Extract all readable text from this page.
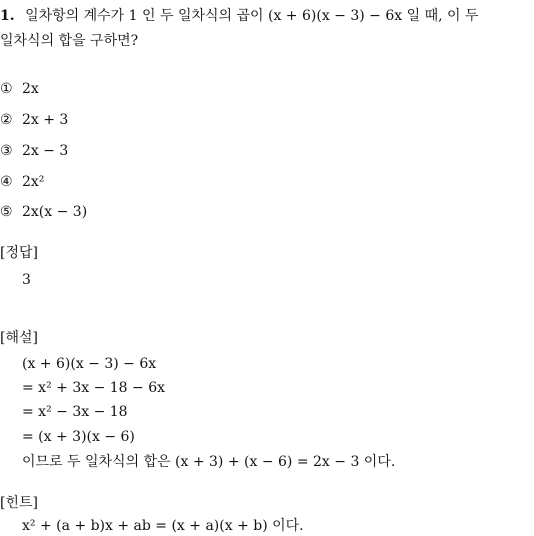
1. 일차항의 계수가 1 인 두 일차식의 곱이 (x + 6)(x − 3) − 6x 일 때, 이 두
일차식의 합을 구하면?
① 2x
② 2x + 3
③ 2x − 3
④ 2x²
⑤ 2x(x − 3)
[정답]
3
[해설]
(x + 6)(x − 3) − 6x
= x² + 3x − 18 − 6x
= x² − 3x − 18
= (x + 3)(x − 6)
이므로 두 일차식의 합은 (x + 3) + (x − 6) = 2x − 3 이다.
[힌트]
x² + (a + b)x + ab = (x + a)(x + b) 이다.
